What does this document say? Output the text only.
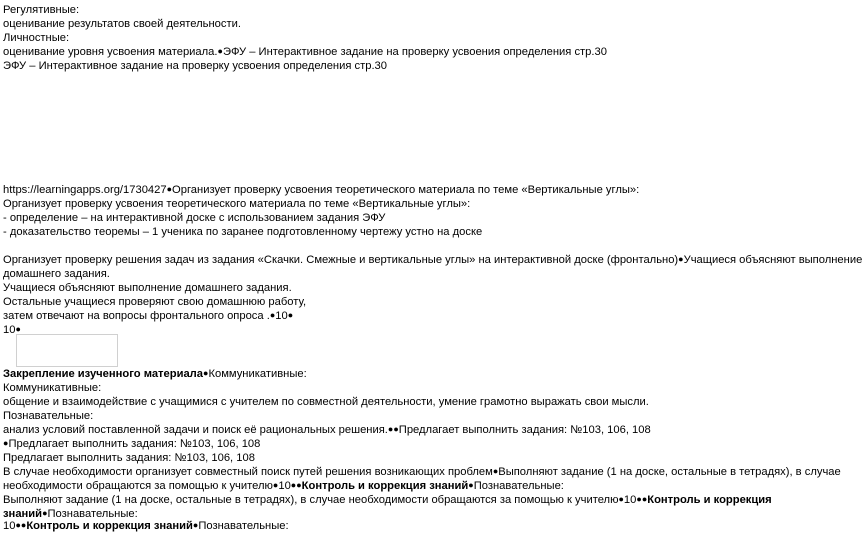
Регулятивные:
оценивание результатов своей деятельности.
Личностные:
оценивание уровня усвоения материала.●ЭФУ – Интерактивное задание на проверку усвоения определения стр.30
ЭФУ – Интерактивное задание на проверку усвоения определения стр.30
https://learningapps.org/1730427●Организует проверку усвоения теоретического материала по теме «Вертикальные углы»:
Организует проверку усвоения теоретического материала по теме «Вертикальные углы»:
- определение – на интерактивной доске с использованием задания ЭФУ
- доказательство теоремы – 1 ученика по заранее подготовленному чертежу устно на доске
Организует проверку решения задач из задания «Скачки. Смежные и вертикальные углы» на интерактивной доске (фронтально)●Учащиеся объясняют выполнение
домашнего задания.
Учащиеся объясняют выполнение домашнего задания.
Остальные учащиеся проверяют свою домашнюю работу,
затем отвечают на вопросы фронтального опроса .●10●
10●
Закрепление изученного материала●Коммуникативные:
Коммуникативные:
общение и взаимодействие с учащимися с учителем по совместной деятельности, умение грамотно выражать свои мысли.
Познавательные:
анализ условий поставленной задачи и поиск её рациональных решения.●●Предлагает выполнить задания: №103, 106, 108
●Предлагает выполнить задания: №103, 106, 108
Предлагает выполнить задания: №103, 106, 108
В случае необходимости организует совместный поиск путей решения возникающих проблем●Выполняют задание (1 на доске, остальные в тетрадях), в случае
необходимости обращаются за помощью к учителю●10●●Контроль и коррекция знаний●Познавательные:
Выполняют задание (1 на доске, остальные в тетрадях), в случае необходимости обращаются за помощью к учителю●10●●Контроль и коррекция
знаний●Познавательные:
10●●Контроль и коррекция знаний●Познавательные:
